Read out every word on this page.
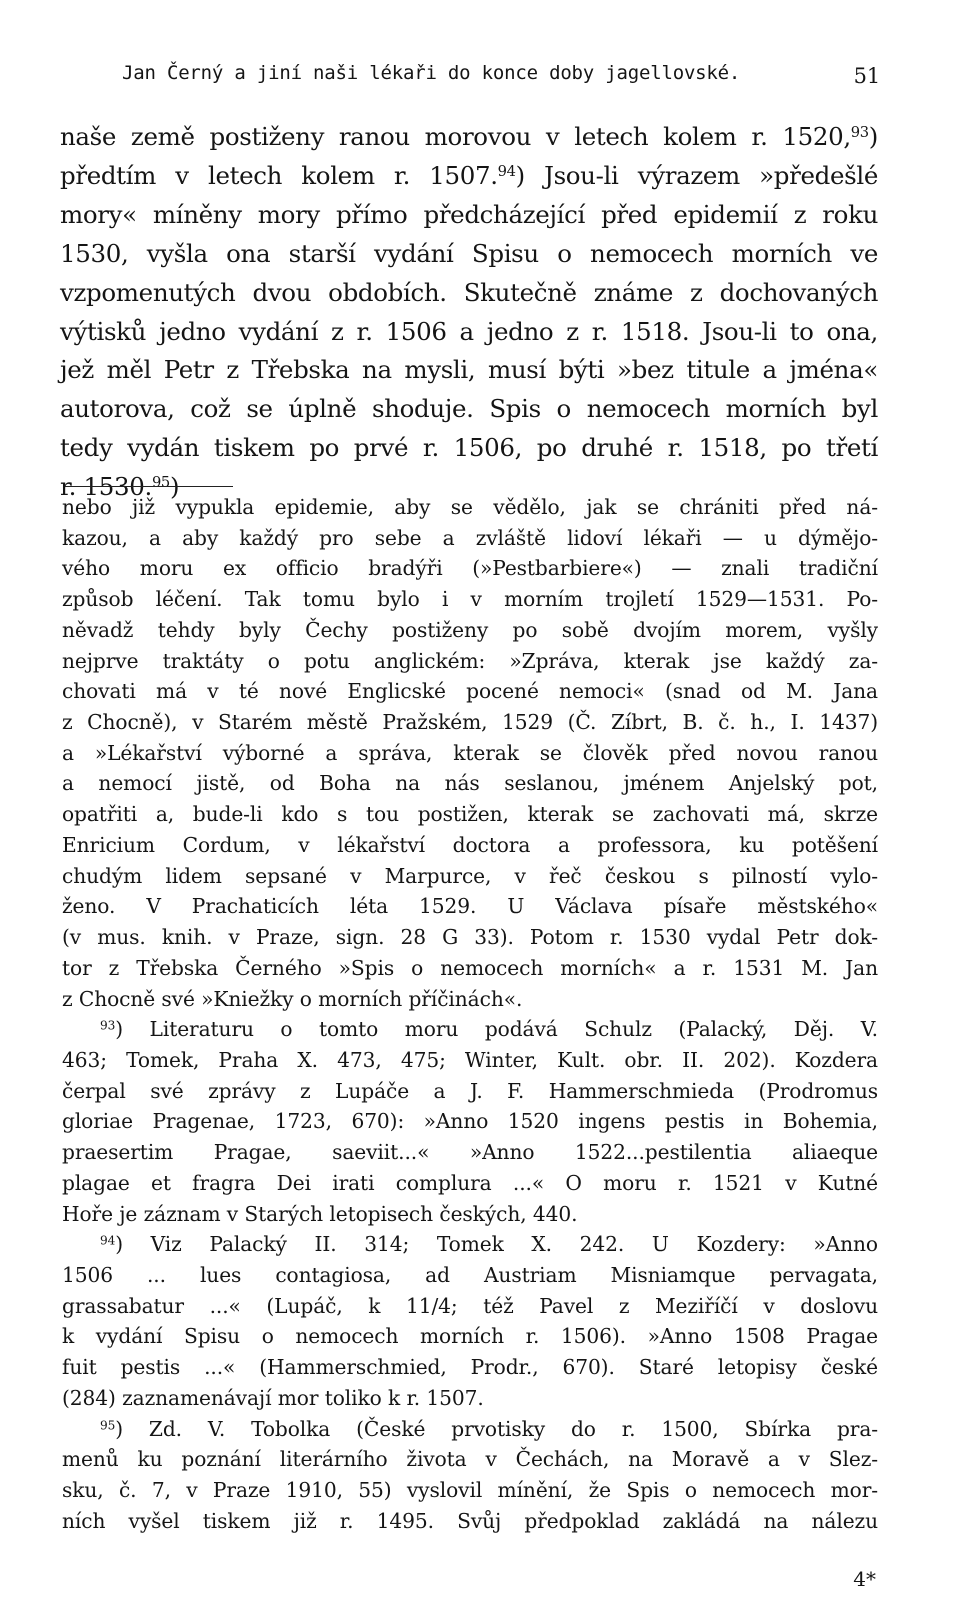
Jan Černý a jiní naši lékaři do konce doby jagellovské.	51
naše země postiženy ranou morovou v letech kolem r. 1520,93)
předtím v letech kolem r. 1507.94) Jsou-li výrazem »předešlé
mory« míněny mory přímo předcházející před epidemií z roku
1530, vyšla ona starší vydání Spisu o nemocech morních ve
vzpomenutých dvou obdobích. Skutečně známe z dochovaných
výtisků jedno vydání z r. 1506 a jedno z r. 1518. Jsou-li to ona,
jež měl Petr z Třebska na mysli, musí býti »bez titule a jména«
autorova, což se úplně shoduje. Spis o nemocech morních byl
tedy vydán tiskem po prvé r. 1506, po druhé r. 1518, po třetí
r. 1530.95)
nebo již vypukla epidemie, aby se vědělo, jak se chrániti před ná-
kazou, a aby každý pro sebe a zvláště lidoví lékaři — u dýmějo-
vého moru ex officio bradýři (»Pestbarbiere«) — znali tradiční
způsob léčení. Tak tomu bylo i v morním trojletí 1529—1531. Po-
něvadž tehdy byly Čechy postiženy po sobě dvojím morem, vyšly
nejprve traktáty o potu anglickém: »Zpráva, kterak jse každý za-
chovati má v té nové Englicské pocené nemoci« (snad od M. Jana
z Chocně), v Starém městě Pražském, 1529 (Č. Zíbrt, B. č. h., I. 1437)
a »Lékařství výborné a správa, kterak se člověk před novou ranou
a nemocí jistě, od Boha na nás seslanou, jménem Anjelský pot,
opatřiti a, bude-li kdo s tou postižen, kterak se zachovati má, skrze
Enricium Cordum, v lékařství doctora a professora, ku potěšení
chudým lidem sepsané v Marpurce, v řeč českou s pilností vylo-
ženo. V Prachaticích léta 1529. U Václava písaře městského«
(v mus. knih. v Praze, sign. 28 G 33). Potom r. 1530 vydal Petr dok-
tor z Třebska Černého »Spis o nemocech morních« a r. 1531 M. Jan
z Chocně své »Kniežky o morních příčinách«.
$^{93}$) Literaturu o tomto moru podává Schulz (Palacký, Děj. V.
463; Tomek, Praha X. 473, 475; Winter, Kult. obr. II. 202). Kozdera
čerpal své zprávy z Lupáče a J. F. Hammerschmieda (Prodromus
gloriae Pragenae, 1723, 670): »Anno 1520 ingens pestis in Bohemia,
praesertim Pragae, saeviit...« »Anno 1522...pestilentia aliaeque
plagae et fragra Dei irati complura ...« O moru r. 1521 v Kutné
Hoře je záznam v Starých letopisech českých, 440.
$^{94}$) Viz Palacký II. 314; Tomek X. 242. U Kozdery: »Anno
1506 ... lues contagiosa, ad Austriam Misniamque pervagata,
grassabatur ...« (Lupáč, k 11/4; též Pavel z Meziříčí v doslovu
k vydání Spisu o nemocech morních r. 1506). »Anno 1508 Pragae
fuit pestis ...« (Hammerschmied, Prodr., 670). Staré letopisy české
(284) zaznamenávají mor toliko k r. 1507.
$^{95}$) Zd. V. Tobolka (České prvotisky do r. 1500, Sbírka pra-
menů ku poznání literárního života v Čechách, na Moravě a v Slez-
sku, č. 7, v Praze 1910, 55) vyslovil mínění, že Spis o nemocech mor-
ních vyšel tiskem již r. 1495. Svůj předpoklad zakládá na nálezu
4*
